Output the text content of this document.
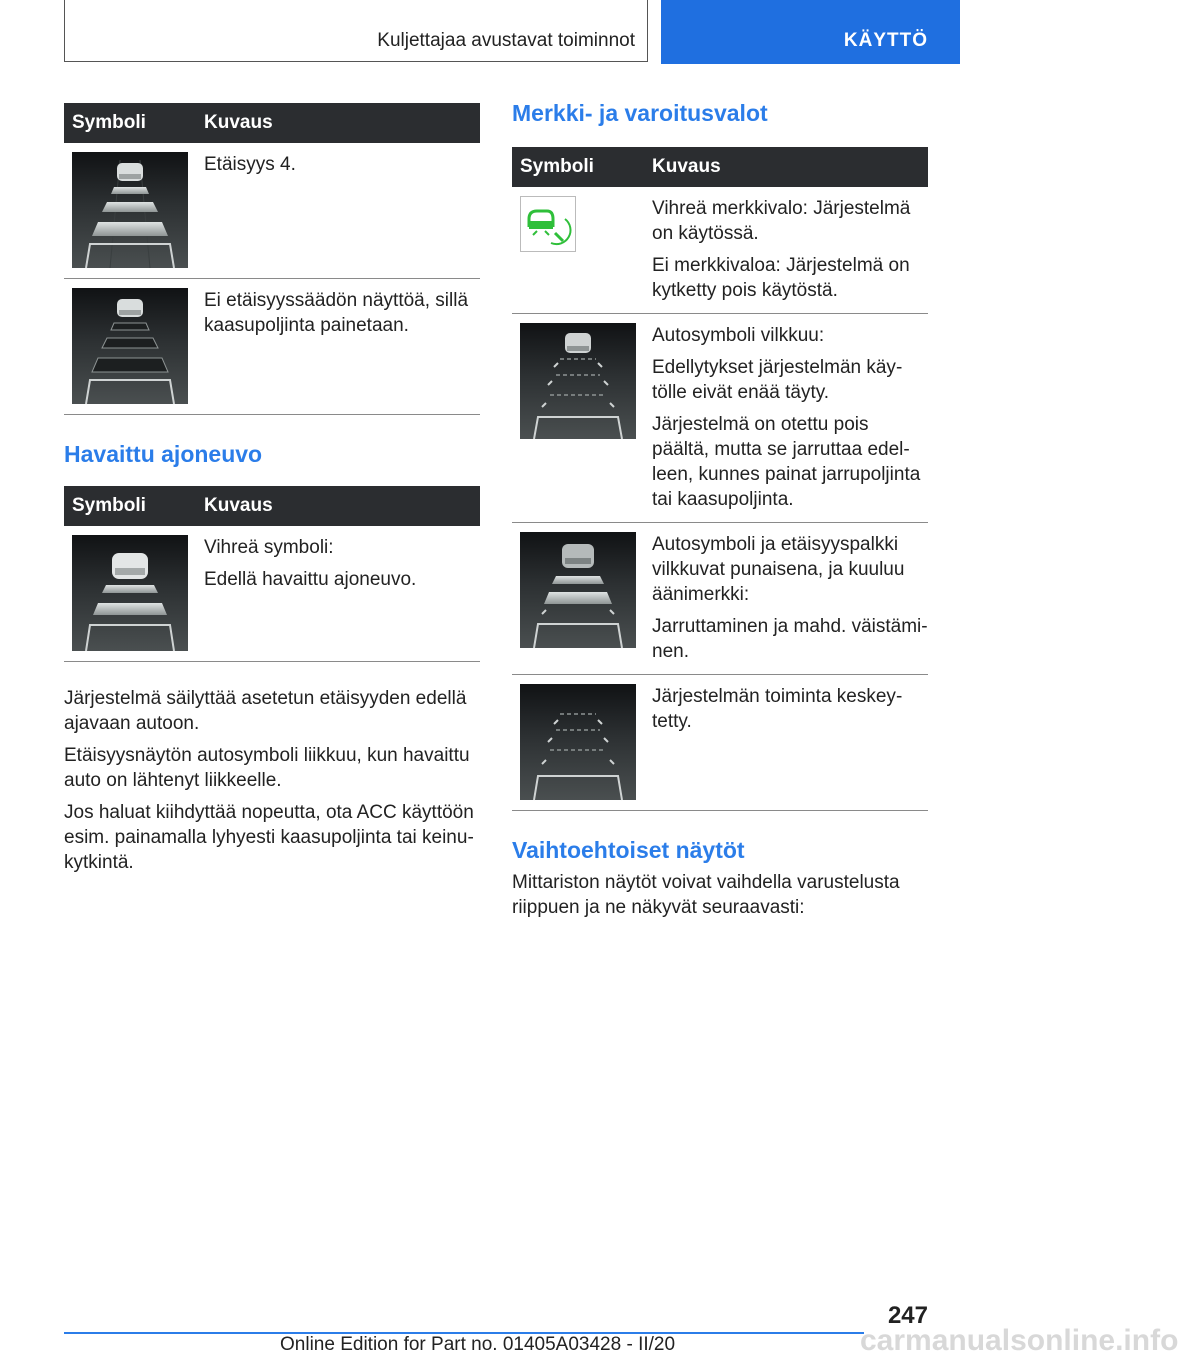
Kuljettajaa avustavat toiminnot	KÄYTTÖ
Symboli	Kuvaus

Etäisyys 4.

Ei etäisyyssäädön näyttöä, sillä kaasupoljinta painetaan.

Havaittu ajoneuvo
Symboli	Kuvaus

Vihreä symboli:

Edellä havaittu ajoneuvo.

Järjestelmä säilyttää asetetun etäisyyden edellä ajavaan autoon.

Etäisyysnäytön autosymboli liikkuu, kun havaittu auto on lähtenyt liikkeelle.

Jos haluat kiihdyttää nopeutta, ota ACC käyttöön esim. painamalla lyhyesti kaasupoljinta tai keinukytkintä.

Merkki- ja varoitusvalot
Symboli	Kuvaus

Vihreä merkkivalo: Järjestelmä on käytössä.

Ei merkkivaloa: Järjestelmä on kytketty pois käytöstä.

Autosymboli vilkkuu:

Edellytykset järjestelmän käytölle eivät enää täyty.

Järjestelmä on otettu pois päältä, mutta se jarruttaa edelleen, kunnes painat jarrupoljinta tai kaasupoljinta.

Autosymboli ja etäisyyspalkki vilkkuvat punaisena, ja kuuluu äänimerkki:

Jarruttaminen ja mahd. väistäminen.

Järjestelmän toiminta keskeytetty.

Vaihtoehtoiset näytöt

Mittariston näytöt voivat vaihdella varustelusta riippuen ja ne näkyvät seuraavasti:

247
Online Edition for Part no. 01405A03428 - II/20	carmanualsonline.info
